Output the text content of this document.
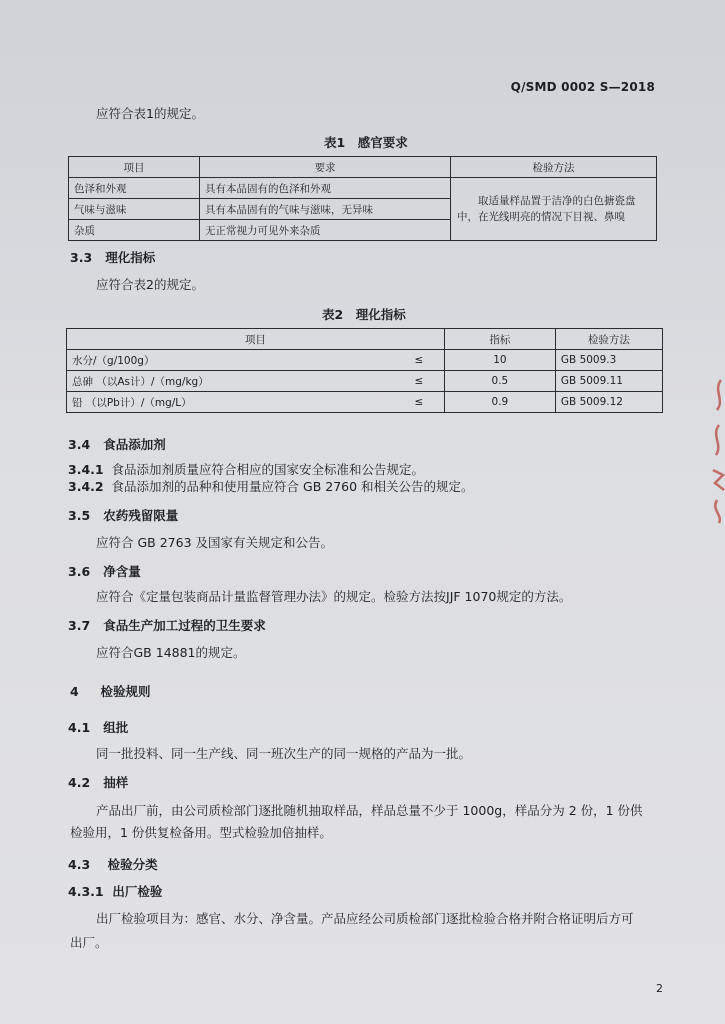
Q/SMD 0002 S—2018
应符合表1的规定。
表1　感官要求
项目	要求	检验方法
色泽和外观	具有本品固有的色泽和外观	取适量样品置于洁净的白色搪瓷盘中，在光线明亮的情况下目视、鼻嗅
气味与滋味	具有本品固有的气味与滋味，无异味	
杂质	无正常视力可见外来杂质	
3.3 理化指标
应符合表2的规定。
表2　理化指标
项目		指标	检验方法
水分/（g/100g）	≤	10	GB 5009.3
总砷 （以As计）/（mg/kg）	≤	0.5	GB 5009.11
铅 （以Pb计）/（mg/L）	≤	0.9	GB 5009.12
3.4 食品添加剂
3.4.1 食品添加剂质量应符合相应的国家安全标准和公告规定。
3.4.2 食品添加剂的品种和使用量应符合 GB 2760 和相关公告的规定。
3.5 农药残留限量
应符合 GB 2763 及国家有关规定和公告。
3.6 净含量
应符合《定量包装商品计量监督管理办法》的规定。检验方法按JJF 1070规定的方法。
3.7 食品生产加工过程的卫生要求
应符合GB 14881的规定。
4 检验规则
4.1 组批
同一批投料、同一生产线、同一班次生产的同一规格的产品为一批。
4.2 抽样
产品出厂前，由公司质检部门逐批随机抽取样品，样品总量不少于 1000g，样品分为 2 份，1 份供
检验用，1 份供复检备用。型式检验加倍抽样。
4.3 检验分类
4.3.1 出厂检验
出厂检验项目为：感官、水分、净含量。产品应经公司质检部门逐批检验合格并附合格证明后方可
出厂。
2
